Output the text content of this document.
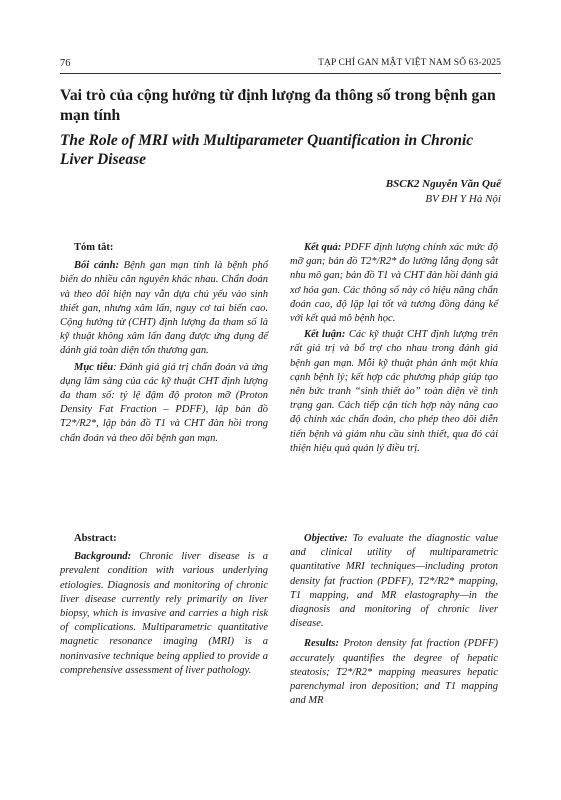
76	TẠP CHÍ GAN MẬT VIỆT NAM SỐ 63-2025
Vai trò của cộng hưởng từ định lượng đa thông số trong bệnh gan mạn tính
The Role of MRI with Multiparameter Quantification in Chronic Liver Disease
BSCK2 Nguyễn Văn Quế
BV ĐH Y Hà Nội
Tóm tắt:

Bối cảnh: Bệnh gan mạn tính là bệnh phổ biến do nhiều căn nguyên khác nhau. Chẩn đoán và theo dõi hiện nay vẫn dựa chủ yếu vào sinh thiết gan, nhưng xâm lấn, nguy cơ tai biến cao. Cộng hưởng từ (CHT) định lượng đa tham số là kỹ thuật không xâm lấn đang được ứng dụng để đánh giá toàn diện tổn thương gan.

Mục tiêu: Đánh giá giá trị chẩn đoán và ứng dụng lâm sàng của các kỹ thuật CHT định lượng đa tham số: tỷ lệ đậm độ proton mỡ (Proton Density Fat Fraction – PDFF), lập bản đồ T2*/R2*, lập bản đồ T1 và CHT đàn hồi trong chẩn đoán và theo dõi bệnh gan mạn.

Kết quả: PDFF định lượng chính xác mức độ mỡ gan; bản đồ T2*/R2* đo lường lắng đọng sắt nhu mô gan; bản đồ T1 và CHT đàn hồi đánh giá xơ hóa gan. Các thông số này có hiệu năng chẩn đoán cao, độ lặp lại tốt và tương đồng đáng kể với kết quả mô bệnh học.

Kết luận: Các kỹ thuật CHT định lượng trên rất giá trị và bổ trợ cho nhau trong đánh giá bệnh gan mạn. Mỗi kỹ thuật phản ánh một khía cạnh bệnh lý; kết hợp các phương pháp giúp tạo nên bức tranh “sinh thiết ảo” toàn diện về tình trạng gan. Cách tiếp cận tích hợp này nâng cao độ chính xác chẩn đoán, cho phép theo dõi diễn tiến bệnh và giảm nhu cầu sinh thiết, qua đó cải thiện hiệu quả quản lý điều trị.

Abstract:

Background: Chronic liver disease is a prevalent condition with various underlying etiologies. Diagnosis and monitoring of chronic liver disease currently rely primarily on liver biopsy, which is invasive and carries a high risk of complications. Multiparametric quantitative magnetic resonance imaging (MRI) is a noninvasive technique being applied to provide a comprehensive assessment of liver pathology.

Objective: To evaluate the diagnostic value and clinical utility of multiparametric quantitative MRI techniques—including proton density fat fraction (PDFF), T2*/R2* mapping, T1 mapping, and MR elastography—in the diagnosis and monitoring of chronic liver disease.

Results: Proton density fat fraction (PDFF) accurately quantifies the degree of hepatic steatosis; T2*/R2* mapping measures hepatic parenchymal iron deposition; and T1 mapping and MR
